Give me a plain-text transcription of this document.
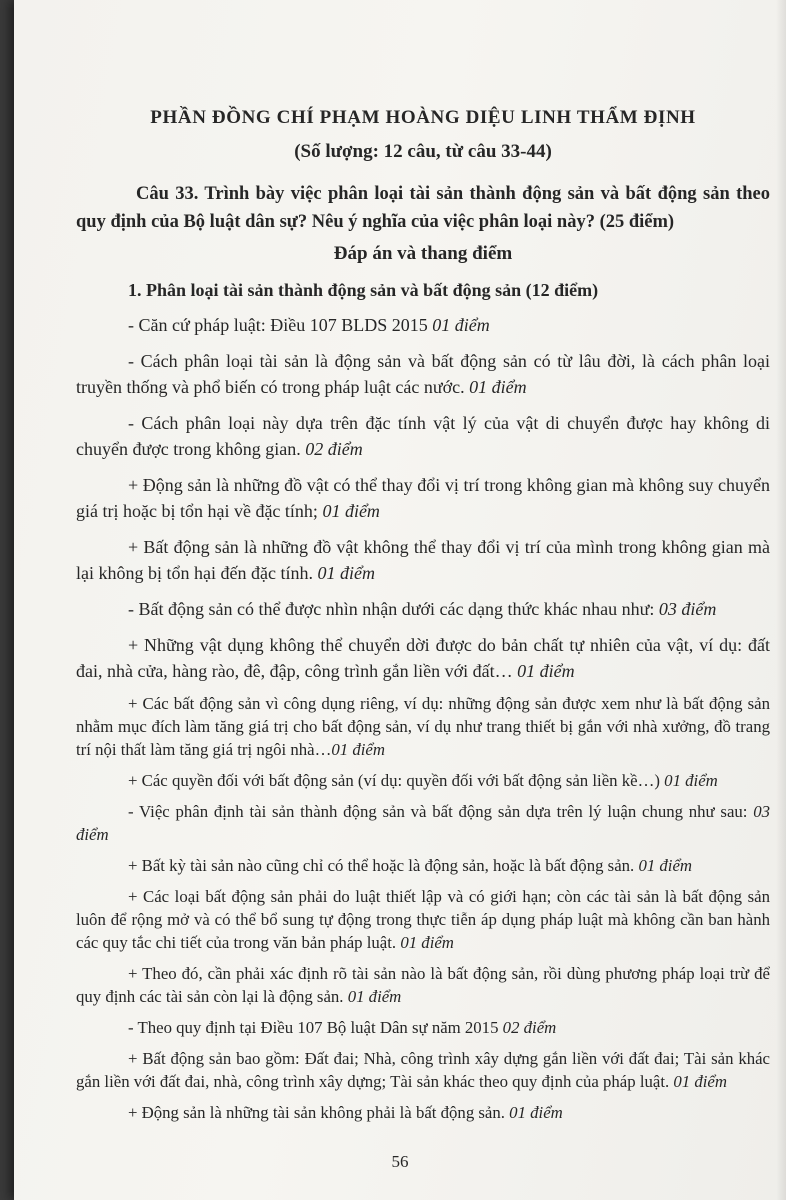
PHẦN ĐỒNG CHÍ PHẠM HOÀNG DIỆU LINH THẨM ĐỊNH

(Số lượng: 12 câu, từ câu 33-44)

Câu 33. Trình bày việc phân loại tài sản thành động sản và bất động sản theo quy định của Bộ luật dân sự? Nêu ý nghĩa của việc phân loại này? (25 điểm)

Đáp án và thang điểm

1. Phân loại tài sản thành động sản và bất động sản (12 điểm)

- Căn cứ pháp luật: Điều 107 BLDS 2015 01 điểm

- Cách phân loại tài sản là động sản và bất động sản có từ lâu đời, là cách phân loại truyền thống và phổ biến có trong pháp luật các nước. 01 điểm

- Cách phân loại này dựa trên đặc tính vật lý của vật di chuyển được hay không di chuyển được trong không gian. 02 điểm

+ Động sản là những đồ vật có thể thay đổi vị trí trong không gian mà không suy chuyển giá trị hoặc bị tổn hại về đặc tính; 01 điểm

+ Bất động sản là những đồ vật không thể thay đổi vị trí của mình trong không gian mà lại không bị tổn hại đến đặc tính. 01 điểm

- Bất động sản có thể được nhìn nhận dưới các dạng thức khác nhau như: 03 điểm

+ Những vật dụng không thể chuyển dời được do bản chất tự nhiên của vật, ví dụ: đất đai, nhà cửa, hàng rào, đê, đập, công trình gắn liền với đất… 01 điểm

+ Các bất động sản vì công dụng riêng, ví dụ: những động sản được xem như là bất động sản nhằm mục đích làm tăng giá trị cho bất động sản, ví dụ như trang thiết bị gắn với nhà xưởng, đồ trang trí nội thất làm tăng giá trị ngôi nhà…01 điểm

+ Các quyền đối với bất động sản (ví dụ: quyền đối với bất động sản liền kề…) 01 điểm

- Việc phân định tài sản thành động sản và bất động sản dựa trên lý luận chung như sau: 03 điểm

+ Bất kỳ tài sản nào cũng chỉ có thể hoặc là động sản, hoặc là bất động sản. 01 điểm

+ Các loại bất động sản phải do luật thiết lập và có giới hạn; còn các tài sản là bất động sản luôn để rộng mở và có thể bổ sung tự động trong thực tiễn áp dụng pháp luật mà không cần ban hành các quy tắc chi tiết của trong văn bản pháp luật. 01 điểm

+ Theo đó, cần phải xác định rõ tài sản nào là bất động sản, rồi dùng phương pháp loại trừ để quy định các tài sản còn lại là động sản. 01 điểm

- Theo quy định tại Điều 107 Bộ luật Dân sự năm 2015 02 điểm

+ Bất động sản bao gồm: Đất đai; Nhà, công trình xây dựng gắn liền với đất đai; Tài sản khác gắn liền với đất đai, nhà, công trình xây dựng; Tài sản khác theo quy định của pháp luật. 01 điểm

+ Động sản là những tài sản không phải là bất động sản. 01 điểm

56
